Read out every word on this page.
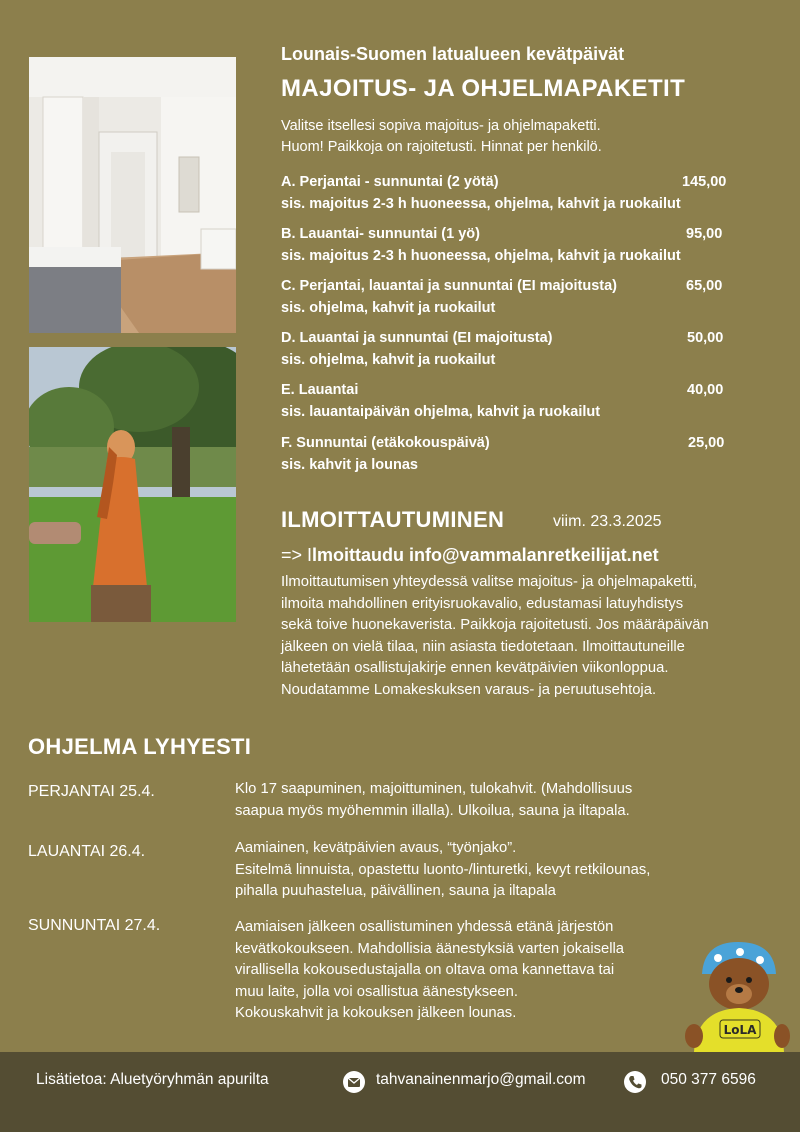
Lounais-Suomen latualueen kevätpäivät
MAJOITUS- JA OHJELMAPAKETIT
Valitse itsellesi sopiva majoitus- ja ohjelmapaketti.
Huom! Paikkoja on rajoitetusti. Hinnat per henkilö.
A. Perjantai - sunnuntai (2 yötä)	145,00
sis. majoitus 2-3 h huoneessa, ohjelma, kahvit ja ruokailut
B. Lauantai- sunnuntai (1 yö)	95,00
sis. majoitus 2-3 h huoneessa, ohjelma, kahvit ja ruokailut
C. Perjantai, lauantai ja sunnuntai (EI majoitusta)	65,00
sis. ohjelma, kahvit ja ruokailut
D. Lauantai ja sunnuntai (EI majoitusta)	50,00
sis. ohjelma, kahvit ja ruokailut
E. Lauantai	40,00
sis. lauantaipäivän ohjelma, kahvit ja ruokailut
F. Sunnuntai (etäkokouspäivä)	25,00
sis. kahvit ja lounas
ILMOITTAUTUMINEN	viim. 23.3.2025
=> Ilmoittaudu info@vammalanretkeilijat.net
Ilmoittautumisen yhteydessä valitse majoitus- ja ohjelmapaketti,
ilmoita mahdollinen erityisruokavalio, edustamasi latuyhdistys
sekä toive huonekaverista. Paikkoja rajoitetusti. Jos määräpäivän
jälkeen on vielä tilaa, niin asiasta tiedotetaan. Ilmoittautuneille
lähetetään osallistujakirje ennen kevätpäivien viikonloppua.
Noudatamme Lomakeskuksen varaus- ja peruutusehtoja.
OHJELMA LYHYESTI
PERJANTAI 25.4.	Klo 17 saapuminen, majoittuminen, tulokahvit. (Mahdollisuus
saapua myös myöhemmin illalla). Ulkoilua, sauna ja iltapala.
LAUANTAI 26.4.	Aamiainen, kevätpäivien avaus, “työnjako”.
Esitelmä linnuista, opastettu luonto-/linturetki, kevyt retkilounas,
pihalla puuhastelua, päivällinen, sauna ja iltapala
SUNNUNTAI 27.4.	Aamiaisen jälkeen osallistuminen yhdessä etänä järjestön
kevätkokoukseen. Mahdollisia äänestyksiä varten jokaisella
virallisella kokousedustajalla on oltava oma kannettava tai
muu laite, jolla voi osallistua äänestykseen.
Kokouskahvit ja kokouksen jälkeen lounas.
LoLA
Lisätietoa: Aluetyöryhmän apurilta	tahvanainenmarjo@gmail.com	050 377 6596
